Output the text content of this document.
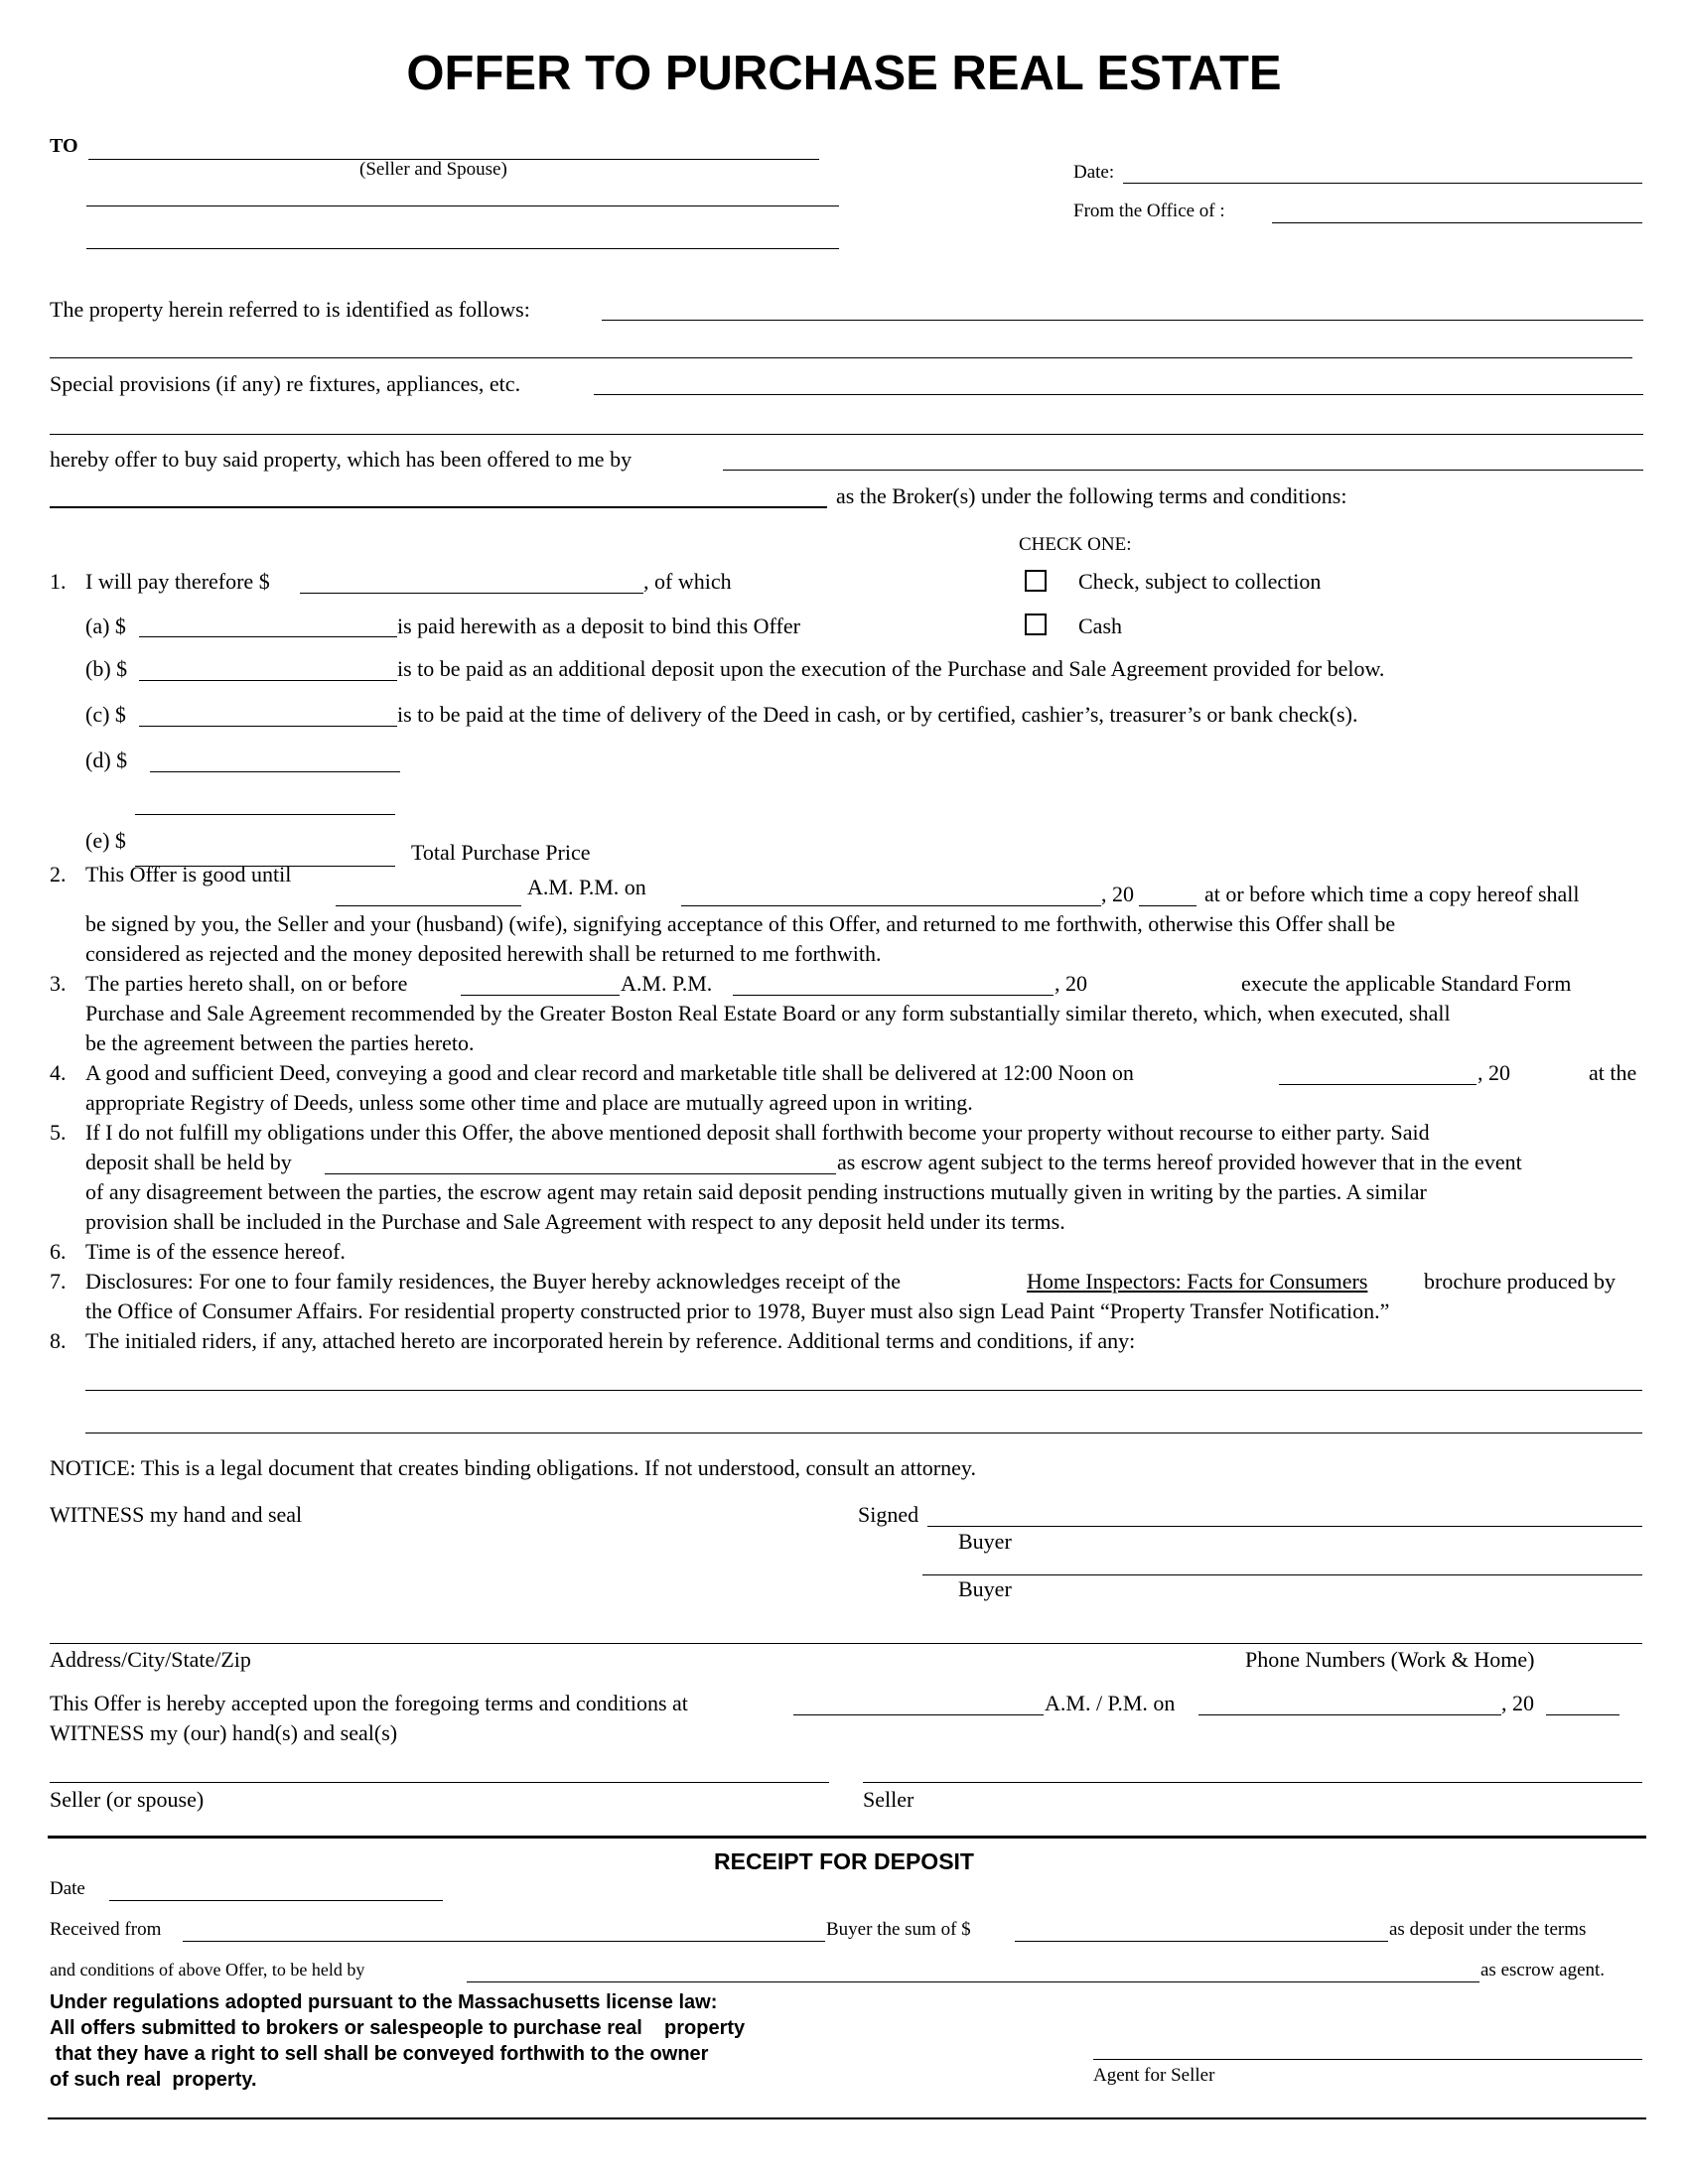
OFFER TO PURCHASE REAL ESTATE
TO
(Seller and Spouse)	Date:
From the Office of :
The property herein referred to is identified as follows:
Special provisions (if any) re fixtures, appliances, etc.
hereby offer to buy said property, which has been offered to me by
as the Broker(s) under the following terms and conditions:
CHECK ONE:
Check, subject to collection
Cash
1. I will pay therefore $	, of which
(a) $	is paid herewith as a deposit to bind this Offer
(b) $	is to be paid as an additional deposit upon the execution of the Purchase and Sale Agreement provided for below.
(c) $	is to be paid at the time of delivery of the Deed in cash, or by certified, cashier’s, treasurer’s or bank check(s).
(d) $
(e) $	Total Purchase Price
2. This Offer is good until
A.M. P.M. on	, 20	at or before which time a copy hereof shall
be signed by you, the Seller and your (husband) (wife), signifying acceptance of this Offer, and returned to me forthwith, otherwise this Offer shall be
considered as rejected and the money deposited herewith shall be returned to me forthwith.
3. The parties hereto shall, on or before	A.M. P.M.	, 20	execute the applicable Standard Form
Purchase and Sale Agreement recommended by the Greater Boston Real Estate Board or any form substantially similar thereto, which, when executed, shall
be the agreement between the parties hereto.
4. A good and sufficient Deed, conveying a good and clear record and marketable title shall be delivered at 12:00 Noon on	, 20	at the
appropriate Registry of Deeds, unless some other time and place are mutually agreed upon in writing.
5. If I do not fulfill my obligations under this Offer, the above mentioned deposit shall forthwith become your property without recourse to either party. Said
deposit shall be held by	as escrow agent subject to the terms hereof provided however that in the event
of any disagreement between the parties, the escrow agent may retain said deposit pending instructions mutually given in writing by the parties. A similar
provision shall be included in the Purchase and Sale Agreement with respect to any deposit held under its terms.
6. Time is of the essence hereof.
7. Disclosures: For one to four family residences, the Buyer hereby acknowledges receipt of the	Home Inspectors: Facts for Consumers	brochure produced by
the Office of Consumer Affairs. For residential property constructed prior to 1978, Buyer must also sign Lead Paint “Property Transfer Notification.”
8. The initialed riders, if any, attached hereto are incorporated herein by reference. Additional terms and conditions, if any:
NOTICE: This is a legal document that creates binding obligations. If not understood, consult an attorney.
WITNESS my hand and seal	Signed
Buyer
Buyer
Address/City/State/Zip	Phone Numbers (Work & Home)
This Offer is hereby accepted upon the foregoing terms and conditions at	A.M. / P.M. on	, 20
WITNESS my (our) hand(s) and seal(s)
Seller (or spouse)	Seller
RECEIPT FOR DEPOSIT
Date
Received from	Buyer the sum of $	as deposit under the terms
and conditions of above Offer, to be held by	as escrow agent.
Under regulations adopted pursuant to the Massachusetts license law:
All offers submitted to brokers or salespeople to purchase real    property
that they have a right to sell shall be conveyed forthwith to the owner
of such real  property.	Agent for Seller
